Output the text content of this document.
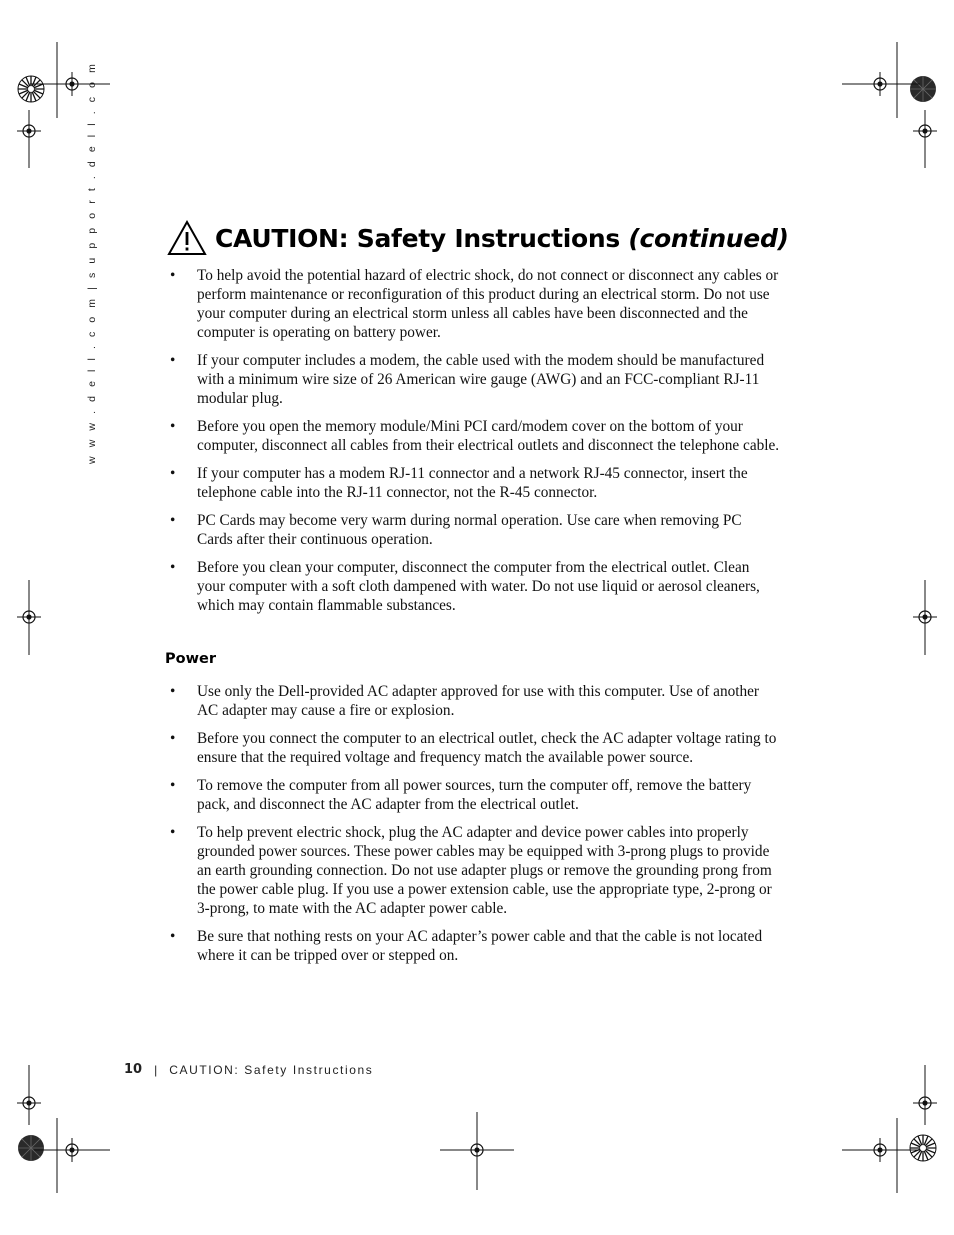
w w w . d e l l . c o m | s u p p o r t . d e l l . c o m	CAUTION: Safety Instructions (continued)
• To help avoid the potential hazard of electric shock, do not connect or disconnect any cables or perform maintenance or reconfiguration of this product during an electrical storm. Do not use your computer during an electrical storm unless all cables have been disconnected and the computer is operating on battery power.
• If your computer includes a modem, the cable used with the modem should be manufactured with a minimum wire size of 26 American wire gauge (AWG) and an FCC-compliant RJ-11 modular plug.
• Before you open the memory module/Mini PCI card/modem cover on the bottom of your computer, disconnect all cables from their electrical outlets and disconnect the telephone cable.
• If your computer has a modem RJ-11 connector and a network RJ-45 connector, insert the telephone cable into the RJ-11 connector, not the R-45 connector.
• PC Cards may become very warm during normal operation. Use care when removing PC Cards after their continuous operation.
• Before you clean your computer, disconnect the computer from the electrical outlet. Clean your computer with a soft cloth dampened with water. Do not use liquid or aerosol cleaners, which may contain flammable substances.
Power
• Use only the Dell-provided AC adapter approved for use with this computer. Use of another AC adapter may cause a fire or explosion.
• Before you connect the computer to an electrical outlet, check the AC adapter voltage rating to ensure that the required voltage and frequency match the available power source.
• To remove the computer from all power sources, turn the computer off, remove the battery pack, and disconnect the AC adapter from the electrical outlet.
• To help prevent electric shock, plug the AC adapter and device power cables into properly grounded power sources. These power cables may be equipped with 3-prong plugs to provide an earth grounding connection. Do not use adapter plugs or remove the grounding prong from the power cable plug. If you use a power extension cable, use the appropriate type, 2-prong or 3-prong, to mate with the AC adapter power cable.
• Be sure that nothing rests on your AC adapter’s power cable and that the cable is not located where it can be tripped over or stepped on.
10 | CAUTION: Safety Instructions
